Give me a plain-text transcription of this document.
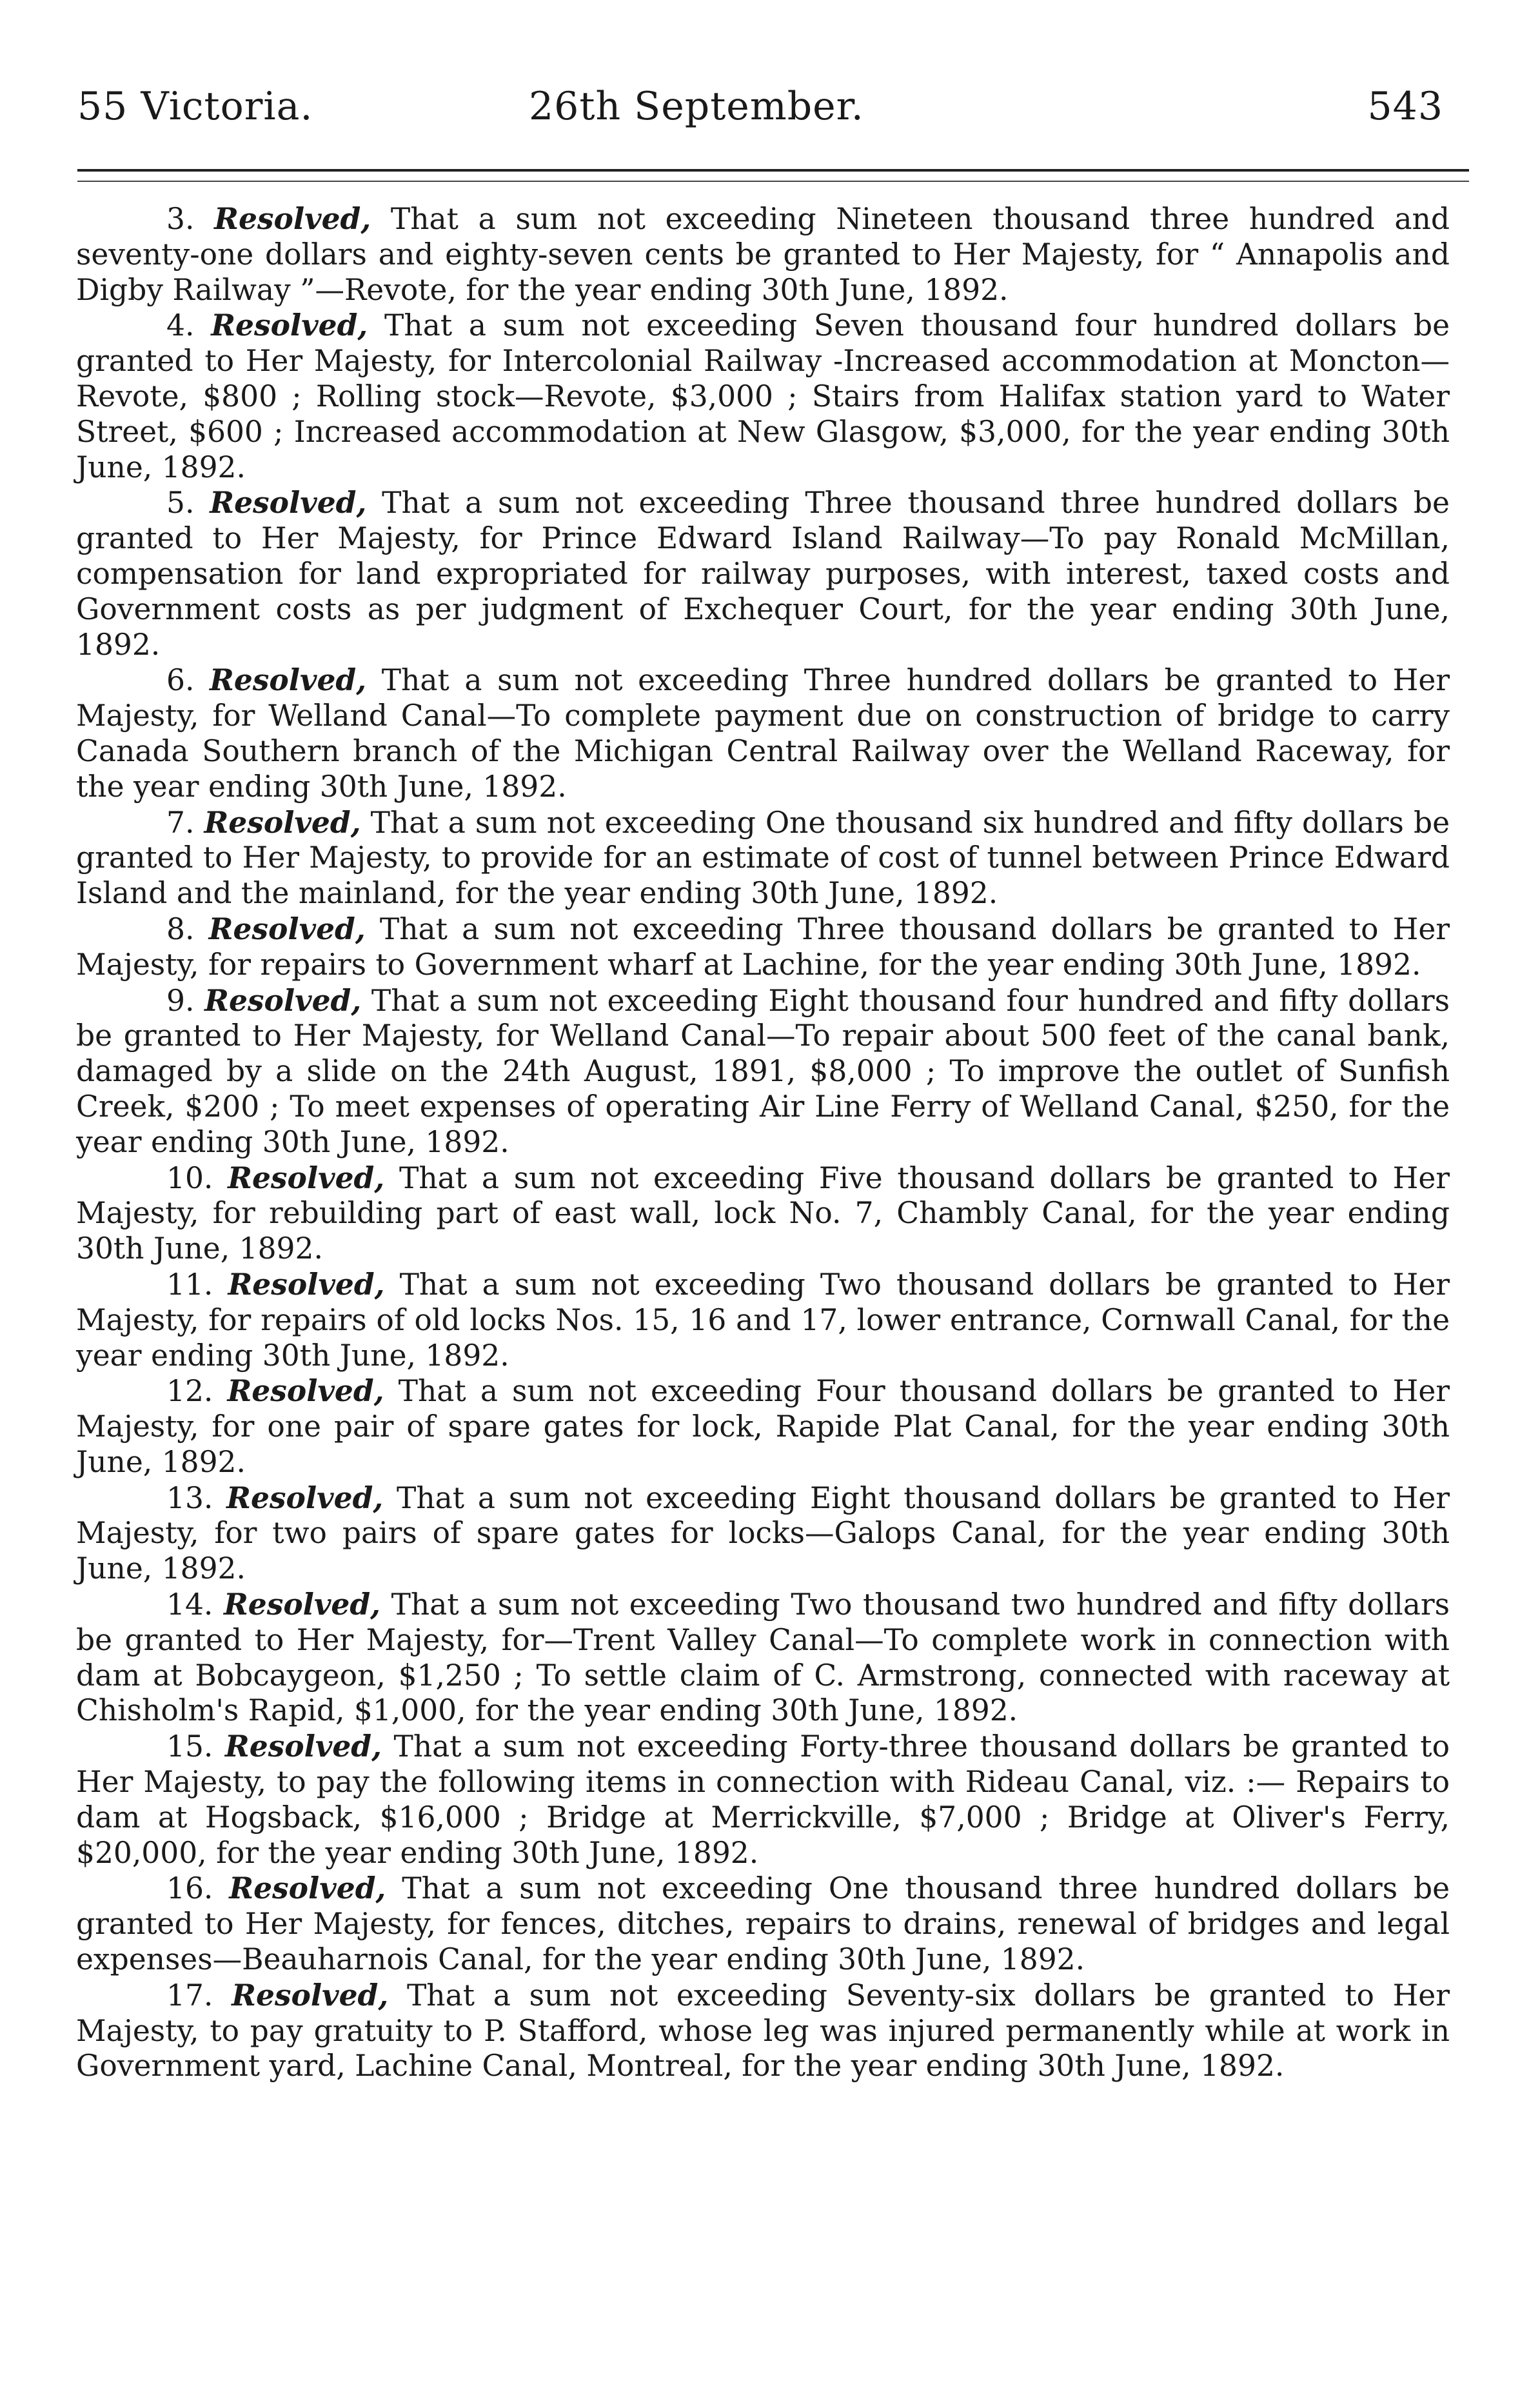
55 Victoria.	26th September.	543

3. Resolved, That a sum not exceeding Nineteen thousand three hundred and seventy-one dollars and eighty-seven cents be granted to Her Majesty, for “ Annapolis and Digby Railway ”—Revote, for the year ending 30th June, 1892.

4. Resolved, That a sum not exceeding Seven thousand four hundred dollars be granted to Her Majesty, for Intercolonial Railway -Increased accommodation at Moncton—Revote, $800 ; Rolling stock—Revote, $3,000 ; Stairs from Halifax station yard to Water Street, $600 ; Increased accommodation at New Glasgow, $3,000, for the year ending 30th June, 1892.

5. Resolved, That a sum not exceeding Three thousand three hundred dollars be granted to Her Majesty, for Prince Edward Island Railway—To pay Ronald McMillan, compensation for land expropriated for railway purposes, with interest, taxed costs and Government costs as per judgment of Exchequer Court, for the year ending 30th June, 1892.

6. Resolved, That a sum not exceeding Three hundred dollars be granted to Her Majesty, for Welland Canal—To complete payment due on construction of bridge to carry Canada Southern branch of the Michigan Central Railway over the Welland Raceway, for the year ending 30th June, 1892.

7. Resolved, That a sum not exceeding One thousand six hundred and fifty dollars be granted to Her Majesty, to provide for an estimate of cost of tunnel between Prince Edward Island and the mainland, for the year ending 30th June, 1892.

8. Resolved, That a sum not exceeding Three thousand dollars be granted to Her Majesty, for repairs to Government wharf at Lachine, for the year ending 30th June, 1892.

9. Resolved, That a sum not exceeding Eight thousand four hundred and fifty dollars be granted to Her Majesty, for Welland Canal—To repair about 500 feet of the canal bank, damaged by a slide on the 24th August, 1891, $8,000 ; To improve the outlet of Sunfish Creek, $200 ; To meet expenses of operating Air Line Ferry of Welland Canal, $250, for the year ending 30th June, 1892.

10. Resolved, That a sum not exceeding Five thousand dollars be granted to Her Majesty, for rebuilding part of east wall, lock No. 7, Chambly Canal, for the year ending 30th June, 1892.

11. Resolved, That a sum not exceeding Two thousand dollars be granted to Her Majesty, for repairs of old locks Nos. 15, 16 and 17, lower entrance, Cornwall Canal, for the year ending 30th June, 1892.

12. Resolved, That a sum not exceeding Four thousand dollars be granted to Her Majesty, for one pair of spare gates for lock, Rapide Plat Canal, for the year ending 30th June, 1892.

13. Resolved, That a sum not exceeding Eight thousand dollars be granted to Her Majesty, for two pairs of spare gates for locks—Galops Canal, for the year ending 30th June, 1892.

14. Resolved, That a sum not exceeding Two thousand two hundred and fifty dollars be granted to Her Majesty, for—Trent Valley Canal—To complete work in connection with dam at Bobcaygeon, $1,250 ; To settle claim of C. Armstrong, connected with raceway at Chisholm's Rapid, $1,000, for the year ending 30th June, 1892.

15. Resolved, That a sum not exceeding Forty-three thousand dollars be granted to Her Majesty, to pay the following items in connection with Rideau Canal, viz. :— Repairs to dam at Hogsback, $16,000 ; Bridge at Merrickville, $7,000 ; Bridge at Oliver's Ferry, $20,000, for the year ending 30th June, 1892.

16. Resolved, That a sum not exceeding One thousand three hundred dollars be granted to Her Majesty, for fences, ditches, repairs to drains, renewal of bridges and legal expenses—Beauharnois Canal, for the year ending 30th June, 1892.

17. Resolved, That a sum not exceeding Seventy-six dollars be granted to Her Majesty, to pay gratuity to P. Stafford, whose leg was injured permanently while at work in Government yard, Lachine Canal, Montreal, for the year ending 30th June, 1892.
